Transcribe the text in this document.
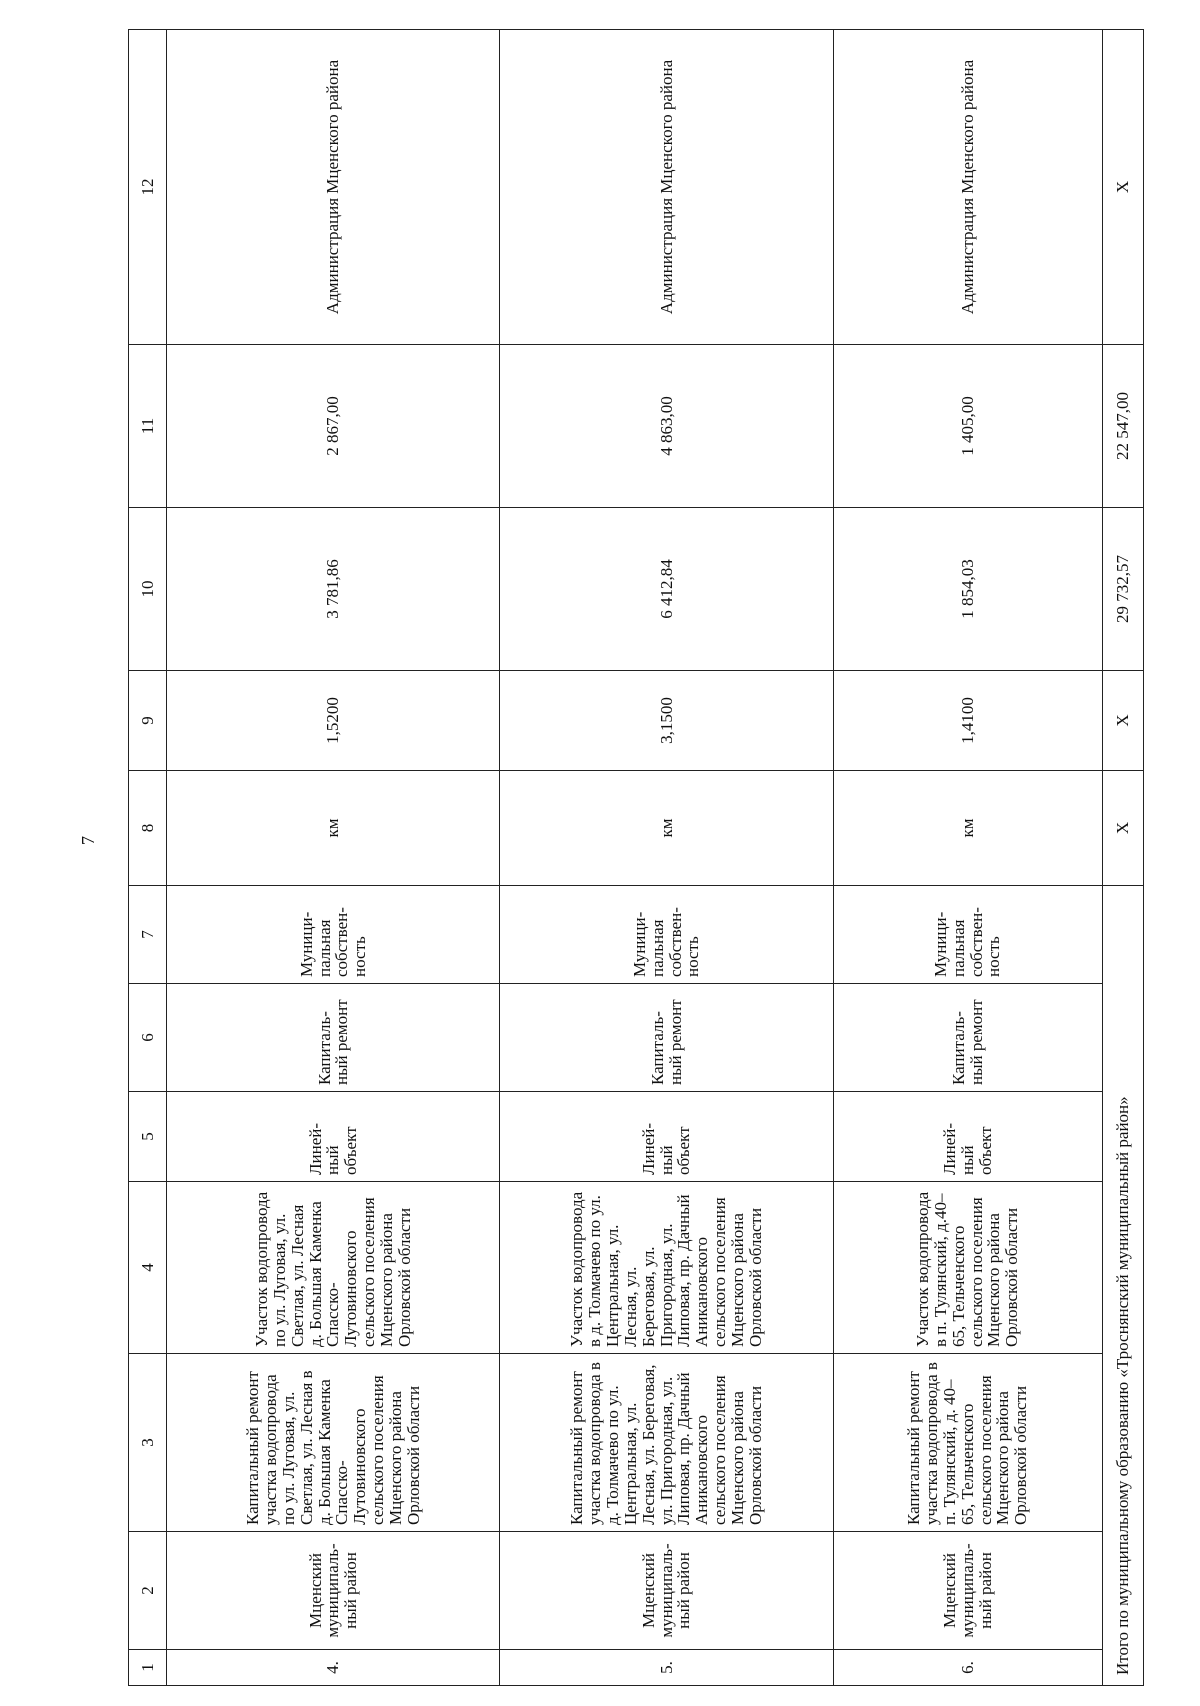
7
1	2	3	4	5	6	7	8	9	10	11	12
4.	Мценский муниципаль-ный район	Капитальный ремонт участка водопровода по ул. Луговая, ул. Светлая, ул. Лесная в д. Большая Каменка Спасско-Лутовиновского сельского поселения Мценского района Орловской области	Участок водопровода по ул. Луговая, ул. Светлая, ул. Лесная д. Большая Каменка Спасско-Лутовиновского сельского поселения Мценского района Орловской области	Линей-ный объект	Капиталь-ный ремонт	Муници-пальная собствен-ность	км	1,5200	3 781,86	2 867,00	Администрация Мценского района
5.	Мценский муниципаль-ный район	Капитальный ремонт участка водопровода в д. Толмачево по ул. Центральная, ул. Лесная, ул. Береговая, ул. Пригородная, ул. Липовая, пр. Дачный Аникановского сельского поселения Мценского района Орловской области	Участок водопровода в д. Толмачево по ул. Центральная, ул. Лесная, ул. Береговая, ул. Пригородная, ул. Липовая, пр. Дачный Аникановского сельского поселения Мценского района Орловской области	Линей-ный объект	Капиталь-ный ремонт	Муници-пальная собствен-ность	км	3,1500	6 412,84	4 863,00	Администрация Мценского района
6.	Мценский муниципаль-ный район	Капитальный ремонт участка водопровода в п. Тулянский, д. 40–65, Тельченского сельского поселения Мценского района Орловской области	Участок водопровода в п. Тулянский, д.40–65, Тельченского сельского поселения Мценского района Орловской области	Линей-ный объект	Капиталь-ный ремонт	Муници-пальная собствен-ность	км	1,4100	1 854,03	1 405,00	Администрация Мценского района
Итого по муниципальному образованию «Троснянский муниципальный район»							Х	Х	29 732,57	22 547,00	Х
